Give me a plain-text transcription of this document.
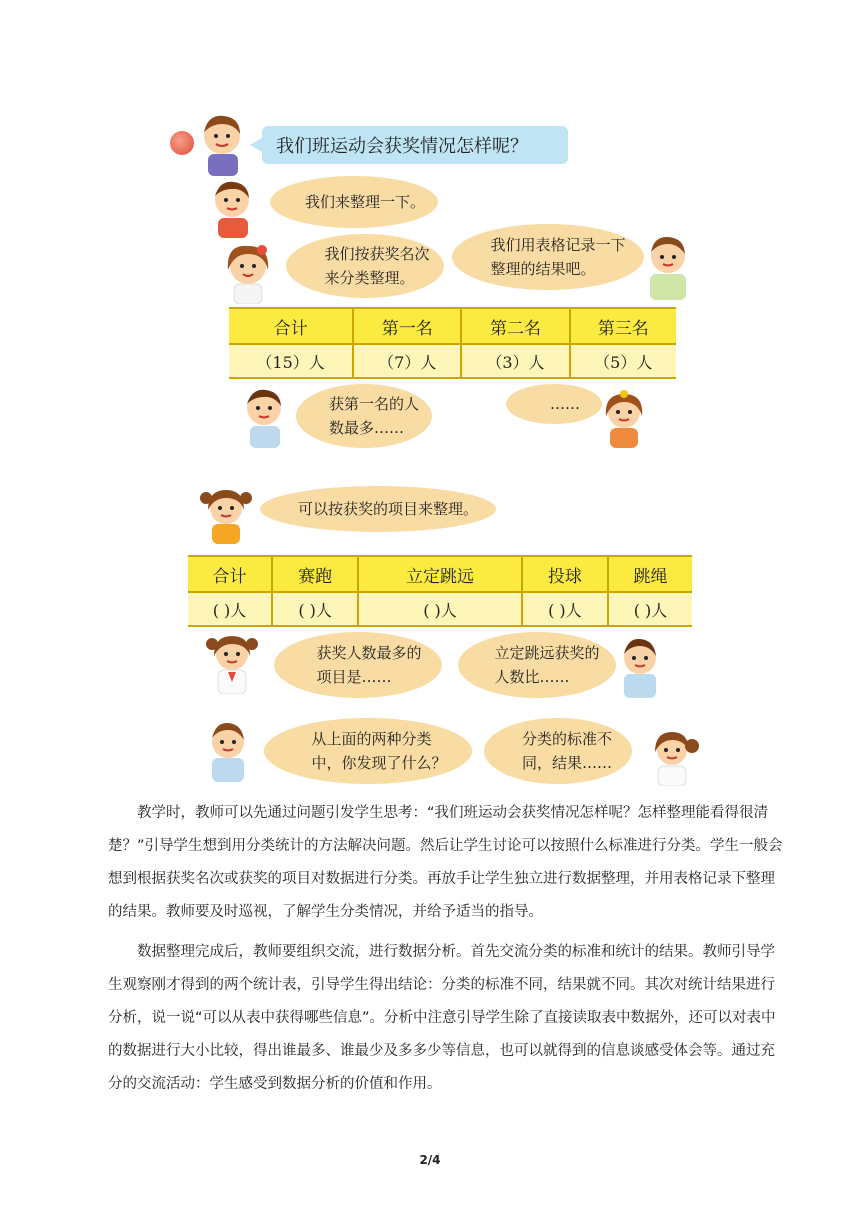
我们班运动会获奖情况怎样呢？
我们来整理一下。
我们按获奖名次
来分类整理。
我们用表格记录一下
整理的结果吧。
合计	第一名	第二名	第三名
（15）人	（7）人	（3）人	（5）人
获第一名的人
数最多……
……
可以按获奖的项目来整理。
合计	赛跑	立定跳远	投球	跳绳
( )人	( )人	( )人	( )人	( )人
获奖人数最多的
项目是……
立定跳远获奖的
人数比……
从上面的两种分类
中，你发现了什么？
分类的标准不
同，结果……
教学时，教师可以先通过问题引发学生思考：“我们班运动会获奖情况怎样呢？怎样整理能看得很清楚？”引导学生想到用分类统计的方法解决问题。然后让学生讨论可以按照什么标准进行分类。学生一般会想到根据获奖名次或获奖的项目对数据进行分类。再放手让学生独立进行数据整理，并用表格记录下整理的结果。教师要及时巡视，了解学生分类情况，并给予适当的指导。
数据整理完成后，教师要组织交流，进行数据分析。首先交流分类的标准和统计的结果。教师引导学生观察刚才得到的两个统计表，引导学生得出结论：分类的标准不同，结果就不同。其次对统计结果进行分析，说一说“可以从表中获得哪些信息”。分析中注意引导学生除了直接读取表中数据外，还可以对表中的数据进行大小比较，得出谁最多、谁最少及多多少等信息，也可以就得到的信息谈感受体会等。通过充分的交流活动：学生感受到数据分析的价值和作用。
2/4
